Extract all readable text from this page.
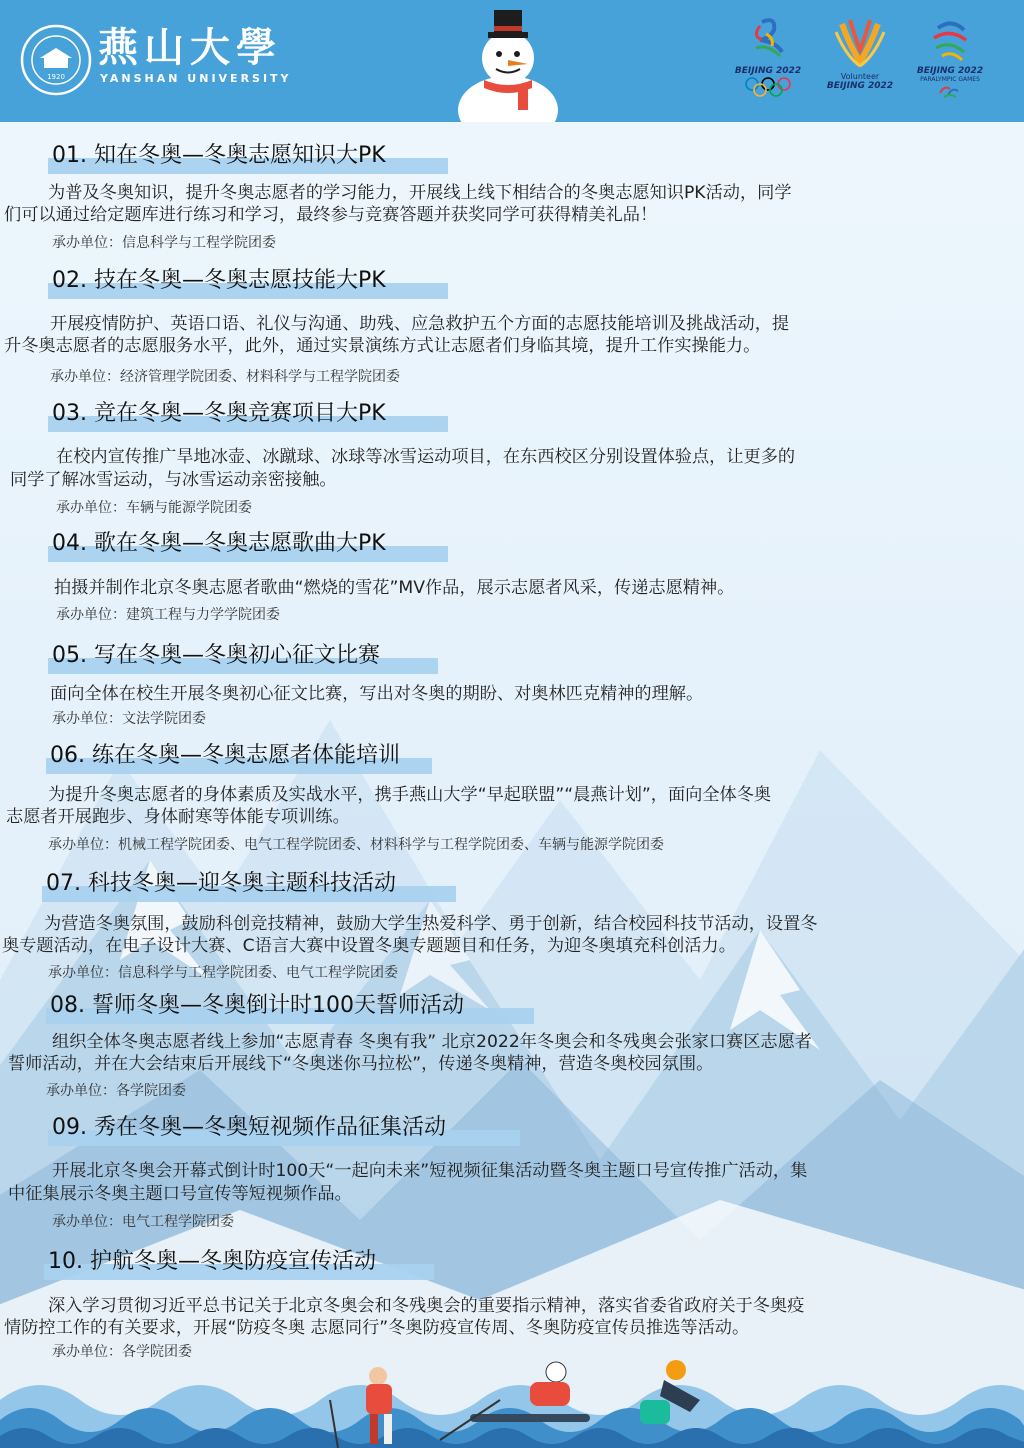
1920
燕山大學
YANSHAN UNIVERSITY
BEIJING 2022
Volunteer
BEIJING 2022
BEIJING 2022
PARALYMPIC GAMES
01. 知在冬奥—冬奥志愿知识大PK
为普及冬奥知识，提升冬奥志愿者的学习能力，开展线上线下相结合的冬奥志愿知识PK活动，同学
们可以通过给定题库进行练习和学习，最终参与竞赛答题并获奖同学可获得精美礼品！
承办单位：信息科学与工程学院团委
02. 技在冬奥—冬奥志愿技能大PK
开展疫情防护、英语口语、礼仪与沟通、助残、应急救护五个方面的志愿技能培训及挑战活动，提
升冬奥志愿者的志愿服务水平，此外，通过实景演练方式让志愿者们身临其境，提升工作实操能力。
承办单位：经济管理学院团委、材料科学与工程学院团委
03. 竞在冬奥—冬奥竞赛项目大PK
在校内宣传推广旱地冰壶、冰蹴球、冰球等冰雪运动项目，在东西校区分别设置体验点，让更多的
同学了解冰雪运动，与冰雪运动亲密接触。
承办单位：车辆与能源学院团委
04. 歌在冬奥—冬奥志愿歌曲大PK
拍摄并制作北京冬奥志愿者歌曲“燃烧的雪花”MV作品，展示志愿者风采，传递志愿精神。
承办单位：建筑工程与力学学院团委
05. 写在冬奥—冬奥初心征文比赛
面向全体在校生开展冬奥初心征文比赛，写出对冬奥的期盼、对奥林匹克精神的理解。
承办单位：文法学院团委
06. 练在冬奥—冬奥志愿者体能培训
为提升冬奥志愿者的身体素质及实战水平，携手燕山大学“早起联盟”“晨燕计划”，面向全体冬奥
志愿者开展跑步、身体耐寒等体能专项训练。
承办单位：机械工程学院团委、电气工程学院团委、材料科学与工程学院团委、车辆与能源学院团委
07. 科技冬奥—迎冬奥主题科技活动
为营造冬奥氛围，鼓励科创竞技精神，鼓励大学生热爱科学、勇于创新，结合校园科技节活动，设置冬
奥专题活动，在电子设计大赛、C语言大赛中设置冬奥专题题目和任务，为迎冬奥填充科创活力。
承办单位：信息科学与工程学院团委、电气工程学院团委
08. 誓师冬奥—冬奥倒计时100天誓师活动
组织全体冬奥志愿者线上参加“志愿青春 冬奥有我” 北京2022年冬奥会和冬残奥会张家口赛区志愿者
誓师活动，并在大会结束后开展线下“冬奥迷你马拉松”，传递冬奥精神，营造冬奥校园氛围。
承办单位：各学院团委
09. 秀在冬奥—冬奥短视频作品征集活动
开展北京冬奥会开幕式倒计时100天“一起向未来”短视频征集活动暨冬奥主题口号宣传推广活动，集
中征集展示冬奥主题口号宣传等短视频作品。
承办单位：电气工程学院团委
10. 护航冬奥—冬奥防疫宣传活动
深入学习贯彻习近平总书记关于北京冬奥会和冬残奥会的重要指示精神，落实省委省政府关于冬奥疫
情防控工作的有关要求，开展“防疫冬奥 志愿同行”冬奥防疫宣传周、冬奥防疫宣传员推选等活动。
承办单位：各学院团委
